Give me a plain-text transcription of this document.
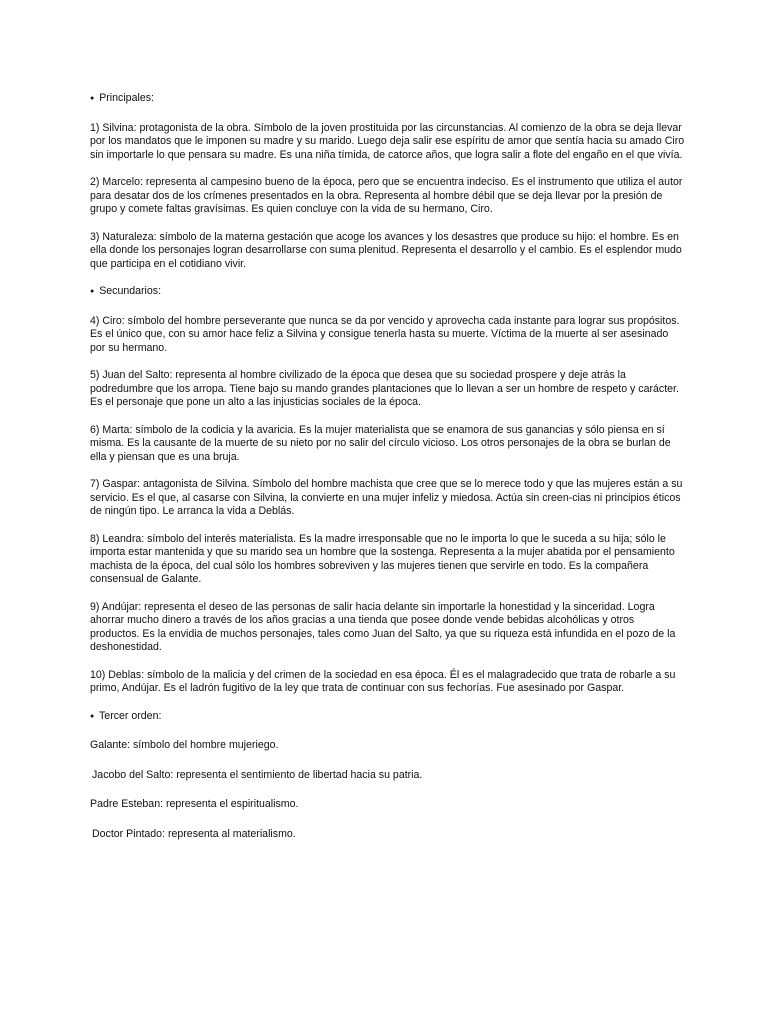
● Principales:

1) Silvina: protagonista de la obra. Símbolo de la joven prostituida por las circunstancias. Al comienzo de la obra se deja llevar por los mandatos que le imponen su madre y su marido. Luego deja salir ese espíritu de amor que sentía hacia su amado Ciro sin importarle lo que pensara su madre. Es una niña tímida, de catorce años, que logra salir a flote del engaño en el que vivía.

2) Marcelo: representa al campesino bueno de la época, pero que se encuentra indeciso. Es el instrumento que utiliza el autor para desatar dos de los crímenes presentados en la obra. Representa al hombre débil que se deja llevar por la presión de grupo y comete faltas gravísimas. Es quien concluye con la vida de su hermano, Ciro.

3) Naturaleza: símbolo de la materna gestación que acoge los avances y los desastres que produce su hijo: el hombre. Es en ella donde los personajes logran desarrollarse con suma plenitud. Representa el desarrollo y el cambio. Es el esplendor mudo que participa en el cotidiano vivir.

● Secundarios:

4) Ciro: símbolo del hombre perseverante que nunca se da por vencido y aprovecha cada instante para lograr sus propósitos. Es el único que, con su amor hace feliz a Silvina y consigue tenerla hasta su muerte. Víctima de la muerte al ser asesinado por su hermano.

5) Juan del Salto: representa al hombre civilizado de la época que desea que su sociedad prospere y deje atrás la podredumbre que los arropa. Tiene bajo su mando grandes plantaciones que lo llevan a ser un hombre de respeto y carácter. Es el personaje que pone un alto a las injusticias sociales de la época.

6) Marta: símbolo de la codicia y la avaricia. Es la mujer materialista que se enamora de sus ganancias y sólo piensa en sí misma. Es la causante de la muerte de su nieto por no salir del círculo vicioso. Los otros personajes de la obra se burlan de ella y piensan que es una bruja.

7) Gaspar: antagonista de Silvina. Símbolo del hombre machista que cree que se lo merece todo y que las mujeres están a su servicio. Es el que, al casarse con Silvina, la convierte en una mujer infeliz y miedosa. Actúa sin creen-cias ni principios éticos de ningún tipo. Le arranca la vida a Deblás.

8) Leandra: símbolo del interés materialista. Es la madre irresponsable que no le importa lo que le suceda a su hija; sólo le importa estar mantenida y que su marido sea un hombre que la sostenga. Representa a la mujer abatida por el pensamiento machista de la época, del cual sólo los hombres sobreviven y las mujeres tienen que servirle en todo. Es la compañera consensual de Galante.

9) Andújar: representa el deseo de las personas de salir hacia delante sin importarle la honestidad y la sinceridad. Logra ahorrar mucho dinero a través de los años gracias a una tienda que posee donde vende bebidas alcohólicas y otros productos. Es la envidia de muchos personajes, tales como Juan del Salto, ya que su riqueza está infundida en el pozo de la deshonestidad.

10) Deblas: símbolo de la malicia y del crimen de la sociedad en esa época. Él es el malagradecido que trata de robarle a su primo, Andújar. Es el ladrón fugitivo de la ley que trata de continuar con sus fechorías. Fue asesinado por Gaspar.

● Tercer orden:

Galante: símbolo del hombre mujeriego.

Jacobo del Salto: representa el sentimiento de libertad hacia su patria.

Padre Esteban: representa el espiritualismo.

Doctor Pintado: representa al materialismo.
